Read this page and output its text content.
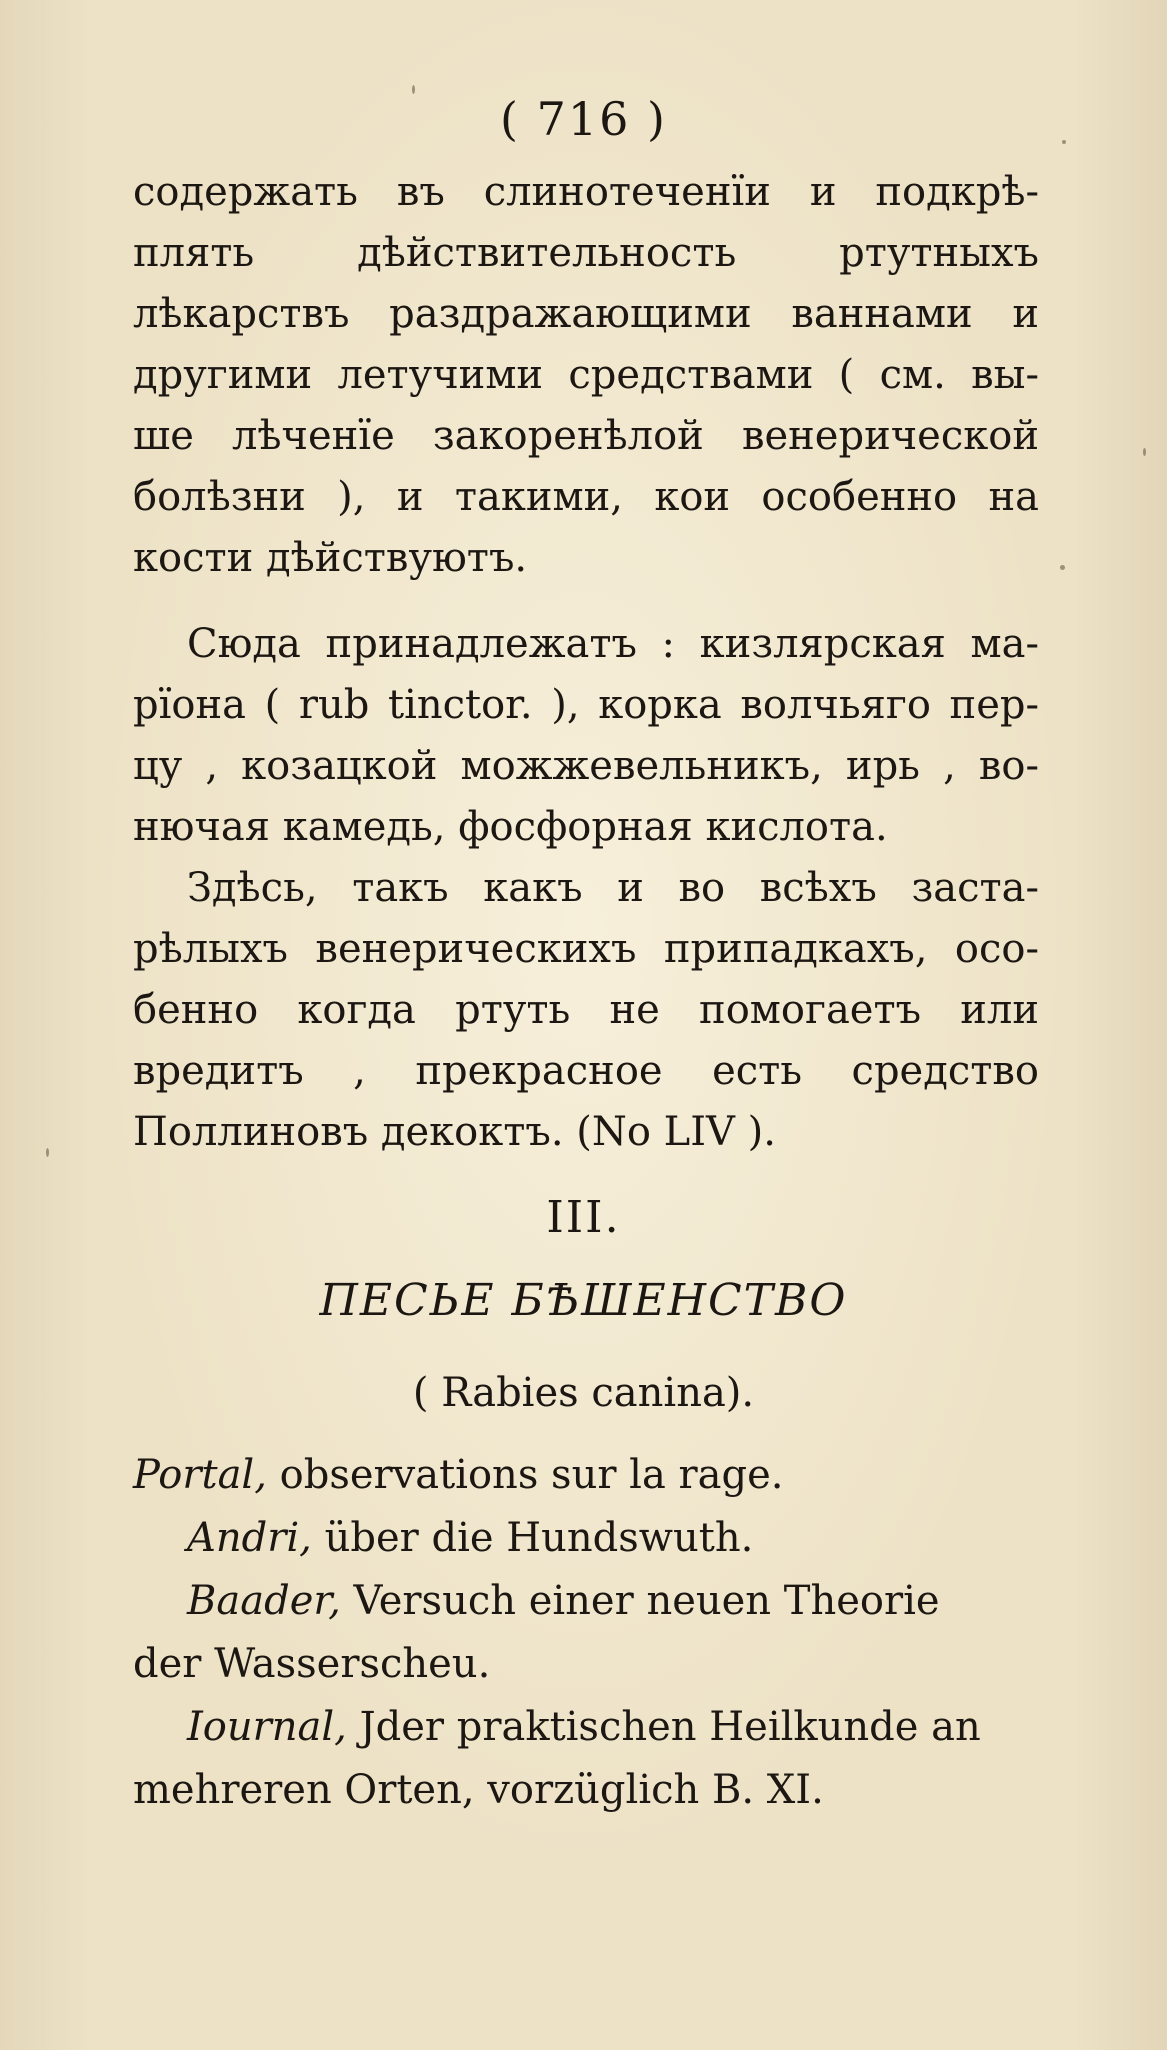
( 716 )
содержать въ слинотеченïи и подкрѣ-
плять дѣйствительность ртутныхъ
лѣкарствъ раздражающими ваннами и
другими летучими средствами ( см. вы-
ше лѣченïе закоренѣлой венерической
болѣзни ), и такими, кои особенно на
кости дѣйствуютъ.
Сюда принадлежатъ : кизлярская ма-
рïона ( rub tinctor. ), корка волчьяго пер-
цу , козацкой можжевельникъ, ирь , во-
нючая камедь, фосфорная кислота.
Здѣсь, такъ какъ и во всѣхъ заста-
рѣлыхъ венерическихъ припадкахъ, осо-
бенно когда ртуть не помогаетъ или
вредитъ , прекрасное есть средство
Поллиновъ декоктъ. (No LIV ).
III.
ПЕСЬЕ БѢШЕНСТВО
( Rabies canina).
Portal, observations sur la rage.
Andri, über die Hundswuth.
Baader, Versuch einer neuen Theorie
der Wasserscheu.
Iournal, Jder praktischen Heilkunde an
mehreren Orten, vorzüglich B. XI.
